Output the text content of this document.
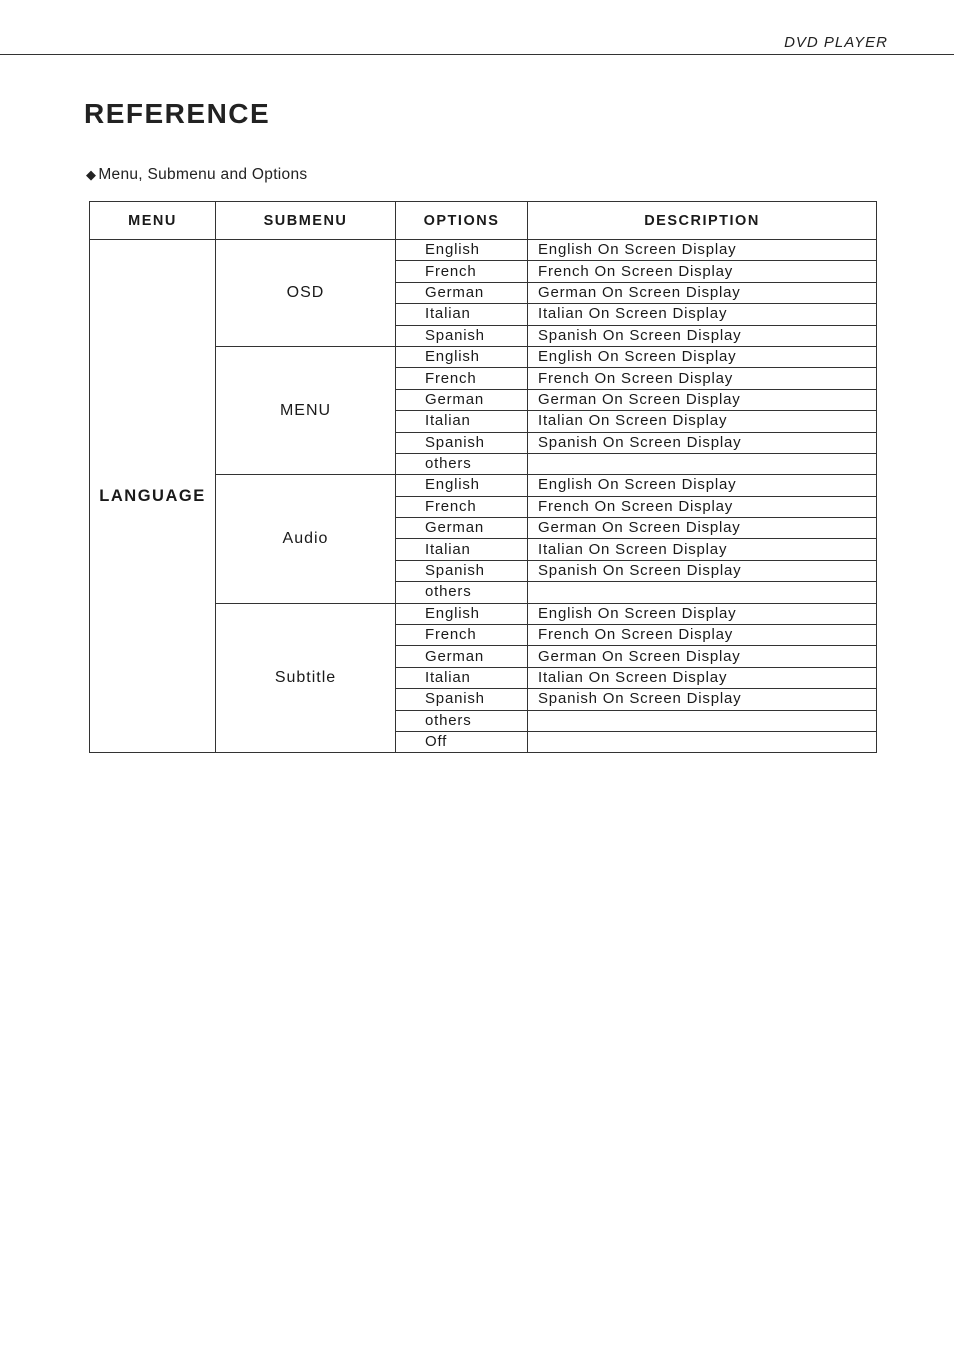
DVD PLAYER
REFERENCE
◆ Menu, Submenu and Options
MENU	SUBMENU	OPTIONS	DESCRIPTION
LANGUAGE	OSD	English	English On Screen Display
		French	French On Screen Display
		German	German On Screen Display
		Italian	Italian On Screen Display
		Spanish	Spanish On Screen Display
	MENU	English	English On Screen Display
		French	French On Screen Display
		German	German On Screen Display
		Italian	Italian On Screen Display
		Spanish	Spanish On Screen Display
		others	
	Audio	English	English On Screen Display
		French	French On Screen Display
		German	German On Screen Display
		Italian	Italian On Screen Display
		Spanish	Spanish On Screen Display
		others	
	Subtitle	English	English On Screen Display
		French	French On Screen Display
		German	German On Screen Display
		Italian	Italian On Screen Display
		Spanish	Spanish On Screen Display
		others	
		Off	
